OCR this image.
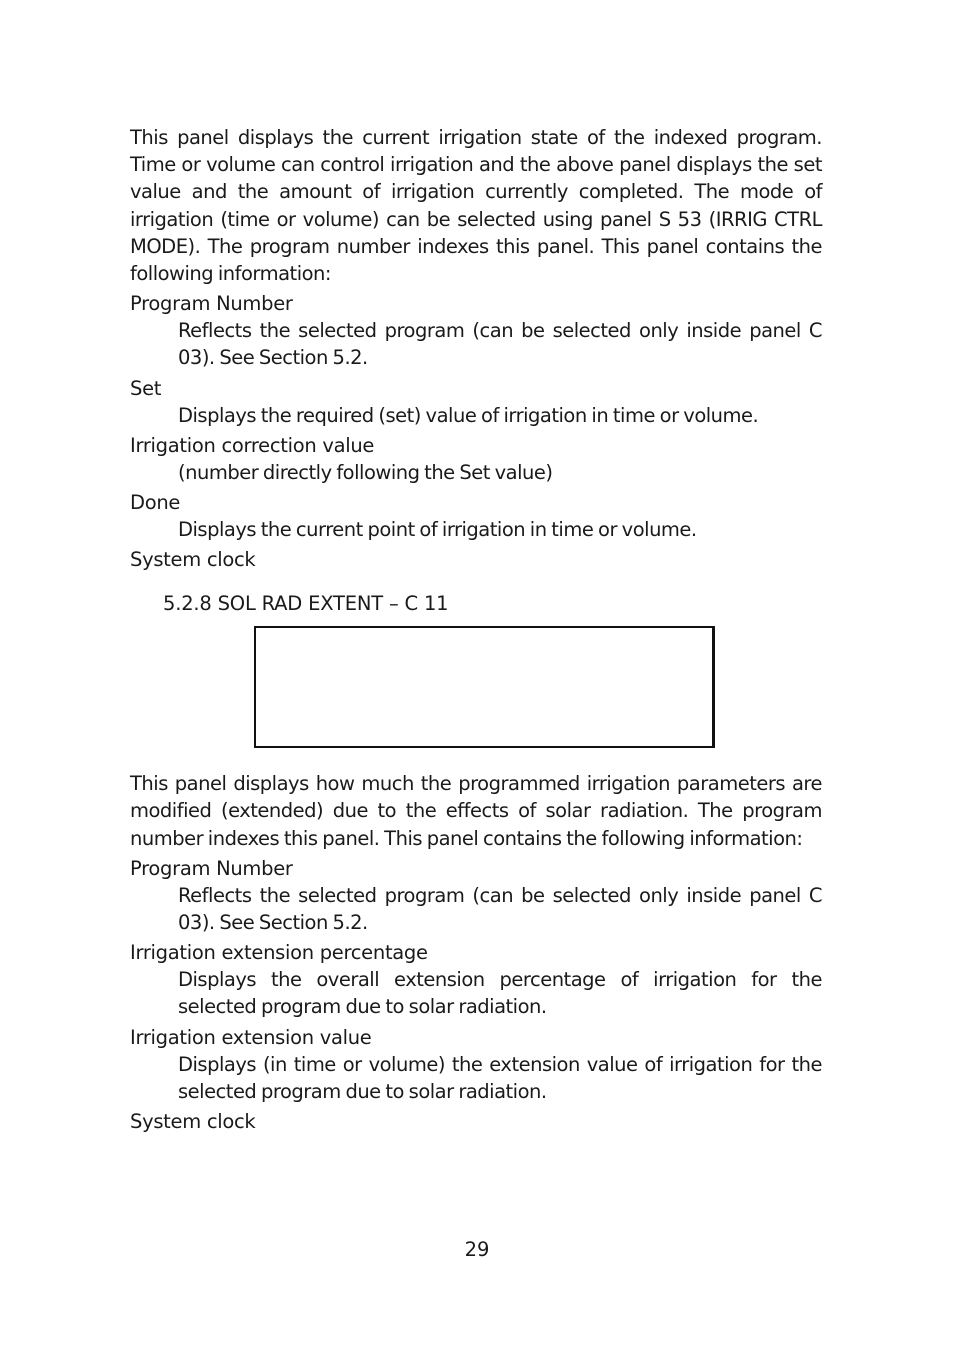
This panel displays the current irrigation state of the indexed program. Time or volume can control irrigation and the above panel displays the set value and the amount of irrigation currently completed. The mode of irrigation (time or volume) can be selected using panel S 53 (IRRIG CTRL MODE). The program number indexes this panel. This panel contains the following information:

Program Number
Reflects the selected program (can be selected only inside panel C 03). See Section 5.2.
Set
Displays the required (set) value of irrigation in time or volume.
Irrigation correction value
(number directly following the Set value)
Done
Displays the current point of irrigation in time or volume.
System clock
5.2.8 SOL RAD EXTENT – C 11

This panel displays how much the programmed irrigation parameters are modified (extended) due to the effects of solar radiation. The program number indexes this panel. This panel contains the following information:

Program Number
Reflects the selected program (can be selected only inside panel C 03). See Section 5.2.
Irrigation extension percentage
Displays the overall extension percentage of irrigation for the selected program due to solar radiation.
Irrigation extension value
Displays (in time or volume) the extension value of irrigation for the selected program due to solar radiation.
System clock
29
